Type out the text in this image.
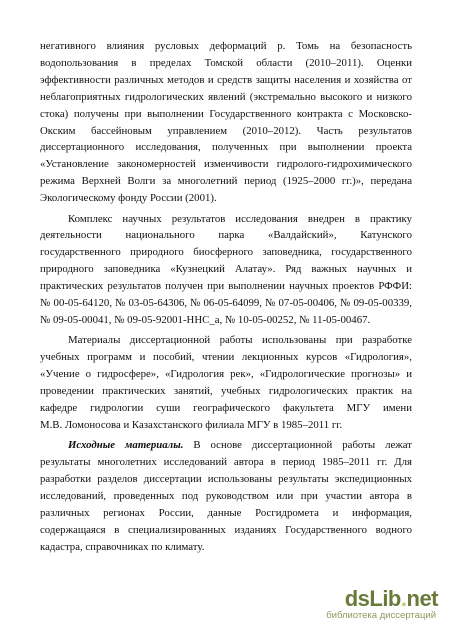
негативного влияния русловых деформаций р. Томь на безопасность
водопользования в пределах Томской области (2010–2011). Оценки
эффективности различных методов и средств защиты населения и хозяйства от
неблагоприятных гидрологических явлений (экстремально высокого и низкого
стока) получены при выполнении Государственного контракта с Московско-
Окским бассейновым управлением (2010–2012). Часть результатов
диссертационного исследования, полученных при выполнении проекта
«Установление закономерностей изменчивости гидролого-гидрохимического
режима Верхней Волги за многолетний период (1925–2000 гг.)», передана
Экологическому фонду России (2001).
Комплекс научных результатов исследования внедрен в практику
деятельности национального парка «Валдайский», Катунского
государственного природного биосферного заповедника, государственного
природного заповедника «Кузнецкий Алатау». Ряд важных научных и
практических результатов получен при выполнении научных проектов РФФИ:
№ 00-05-64120, № 03-05-64306, № 06-05-64099, № 07-05-00406, № 09-05-00339,
№ 09-05-00041, № 09-05-92001-ННС_а, № 10-05-00252, № 11-05-00467.
Материалы диссертационной работы использованы при разработке
учебных программ и пособий, чтении лекционных курсов «Гидрология»,
«Учение о гидросфере», «Гидрология рек», «Гидрологические прогнозы» и
проведении практических занятий, учебных гидрологических практик на
кафедре гидрологии суши географического факультета МГУ имени
М.В. Ломоносова и Казахстанского филиала МГУ в 1985–2011 гг.
Исходные материалы. В основе диссертационной работы лежат
результаты многолетних исследований автора в период 1985–2011 гг. Для
разработки разделов диссертации использованы результаты экспедиционных
исследований, проведенных под руководством или при участии автора в
различных регионах России, данные Росгидромета и информация,
содержащаяся в специализированных изданиях Государственного водного
кадастра, справочниках по климату.
dsLib.net
библиотека диссертаций
